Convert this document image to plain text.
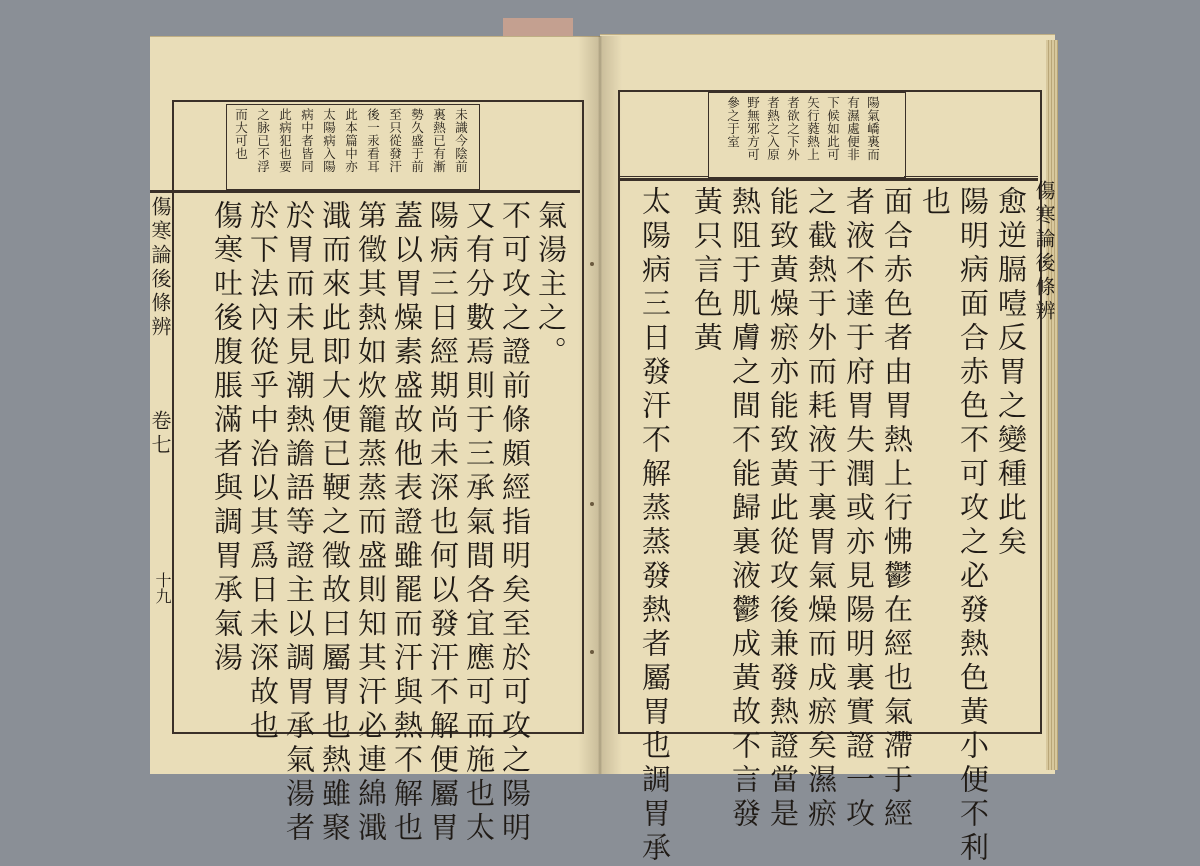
傷寒論後條辨
卷七
十九
未識今陰前
裏熱已有漸
勢久盛于前
至只從發汗
後一汞看耳
此本篇中亦
太陽病入陽
病中者皆同
此病犯也要
之脉已不浮
而大可也
氣湯主之。
不可攻之證前條頗經指明矣至於可攻之陽明
又有分數焉則于三承氣間各宜應可而施也太
陽病三日經期尚未深也何以發汗不解便屬胃
蓋以胃燥素盛故他表證雖罷而汗與熱不解也
第徵其熱如炊籠蒸蒸而盛則知其汗必連綿濈
濈而來此即大便已鞕之徵故曰屬胃也熱雖聚
於胃而未見潮熱譫語等證主以調胃承氣湯者
於下法內從乎中治以其爲日未深故也
傷寒吐後腹脹滿者與調胃承氣湯	傷寒論後條辨
陽氣嶠裏而
有濕處便非
下候如此可
矢行蕤熱上
者欲之下外
者熱之入原
野無邪方可
參之于室
愈逆膈噎反胃之變種此矣
陽明病面合赤色不可攻之必發熱色黃小便不利
也
面合赤色者由胃熱上行怫鬱在經也氣滯于經
者液不達于府胃失潤或亦見陽明裏實證一攻
之截熱于外而耗液于裏胃氣燥而成瘀矣濕瘀
能致黃燥瘀亦能致黃此從攻後兼發熱證當是
熱阻于肌膚之間不能歸裏液鬱成黃故不言發
黃只言色黃
太陽病三日發汗不解蒸蒸發熱者屬胃也調胃承
